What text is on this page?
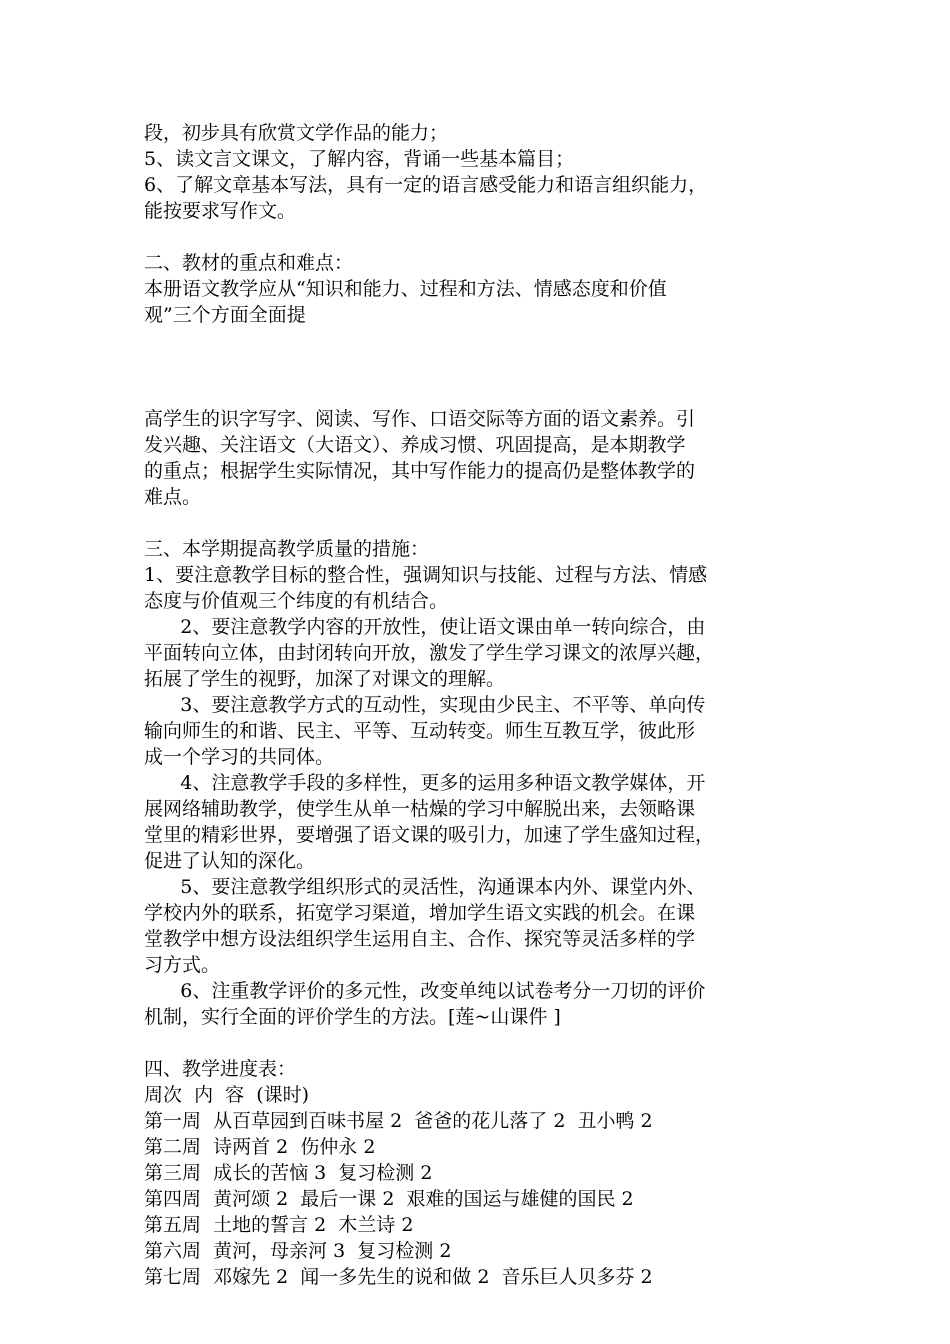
段，初步具有欣赏文学作品的能力；
5、读文言文课文，了解内容，背诵一些基本篇目；
6、了解文章基本写法，具有一定的语言感受能力和语言组织能力，
能按要求写作文。
二、教材的重点和难点：
本册语文教学应从“知识和能力、过程和方法、情感态度和价值
观”三个方面全面提
高学生的识字写字、阅读、写作、口语交际等方面的语文素养。引
发兴趣、关注语文（大语文）、养成习惯、巩固提高，是本期教学
的重点；根据学生实际情况，其中写作能力的提高仍是整体教学的
难点。
三、本学期提高教学质量的措施：
1、要注意教学目标的整合性，强调知识与技能、过程与方法、情感
态度与价值观三个纬度的有机结合。
2、要注意教学内容的开放性，使让语文课由单一转向综合，由
平面转向立体，由封闭转向开放，激发了学生学习课文的浓厚兴趣，
拓展了学生的视野，加深了对课文的理解。
3、要注意教学方式的互动性，实现由少民主、不平等、单向传
输向师生的和谐、民主、平等、互动转变。师生互教互学，彼此形
成一个学习的共同体。
4、注意教学手段的多样性，更多的运用多种语文教学媒体，开
展网络辅助教学，使学生从单一枯燥的学习中解脱出来，去领略课
堂里的精彩世界，要增强了语文课的吸引力，加速了学生盛知过程，
促进了认知的深化。
5、要注意教学组织形式的灵活性，沟通课本内外、课堂内外、
学校内外的联系，拓宽学习渠道，增加学生语文实践的机会。在课
堂教学中想方设法组织学生运用自主、合作、探究等灵活多样的学
习方式。
6、注重教学评价的多元性，改变单纯以试卷考分一刀切的评价
机制，实行全面的评价学生的方法。[莲~山课件 ]
四、教学进度表：
周次  内  容  (课时)
第一周  从百草园到百味书屋 2  爸爸的花儿落了 2  丑小鸭 2
第二周  诗两首 2  伤仲永 2
第三周  成长的苦恼 3  复习检测 2
第四周  黄河颂 2  最后一课 2  艰难的国运与雄健的国民 2
第五周  土地的誓言 2  木兰诗 2
第六周  黄河，母亲河 3  复习检测 2
第七周  邓嫁先 2  闻一多先生的说和做 2  音乐巨人贝多芬 2
